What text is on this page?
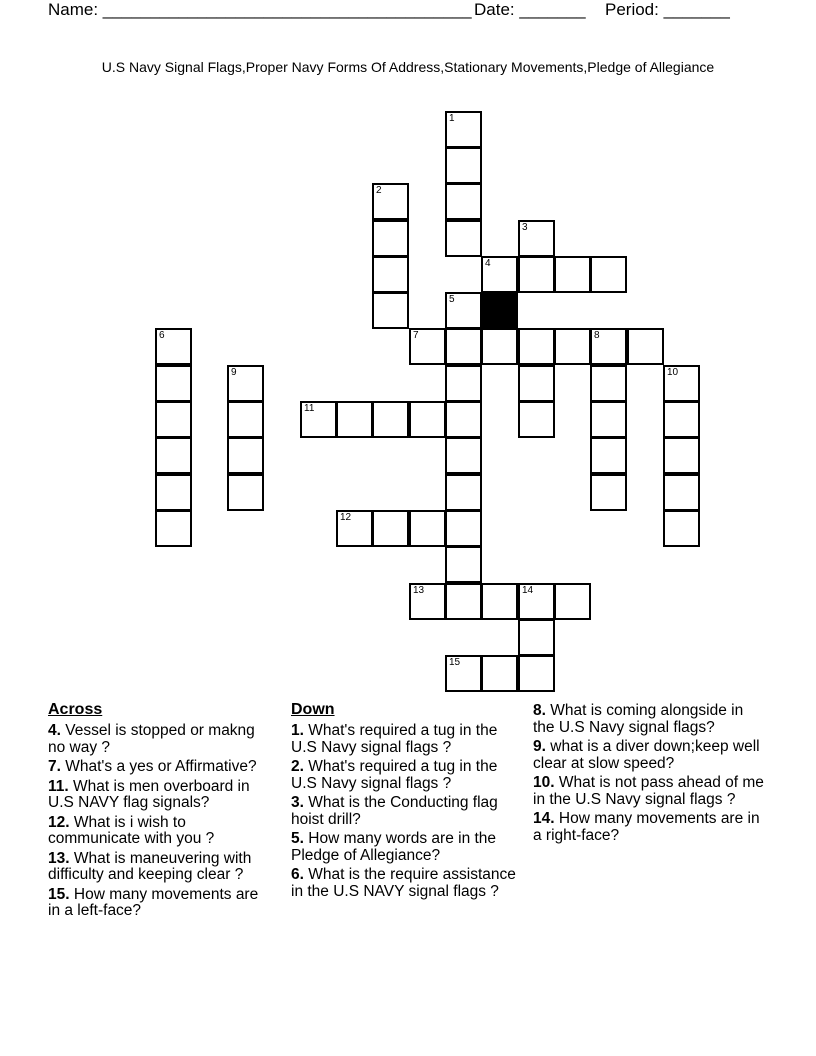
Name: _______________________________________ Date: _______ Period: _______
U.S Navy Signal Flags,Proper Navy Forms Of Address,Stationary Movements,Pledge of Allegiance
1
2
3
4
5
7	8
6
9	10
11
12
13	14
15
Across
4. Vessel is stopped or makng no way ?
7. What's a yes or Affirmative?
11. What is men overboard in U.S NAVY flag signals?
12. What is i wish to communicate with you ?
13. What is maneuvering with difficulty and keeping clear ?
15. How many movements are in a left-face?
Down
1. What's required a tug in the U.S Navy signal flags ?
2. What's required a tug in the U.S Navy signal flags ?
3. What is the Conducting flag hoist drill?
5. How many words are in the Pledge of Allegiance?
6. What is the require assistance in the U.S NAVY signal flags ?
8. What is coming alongside in the U.S Navy signal flags?
9. what is a diver down;keep well clear at slow speed?
10. What is not pass ahead of me in the U.S Navy signal flags ?
14. How many movements are in a right-face?
